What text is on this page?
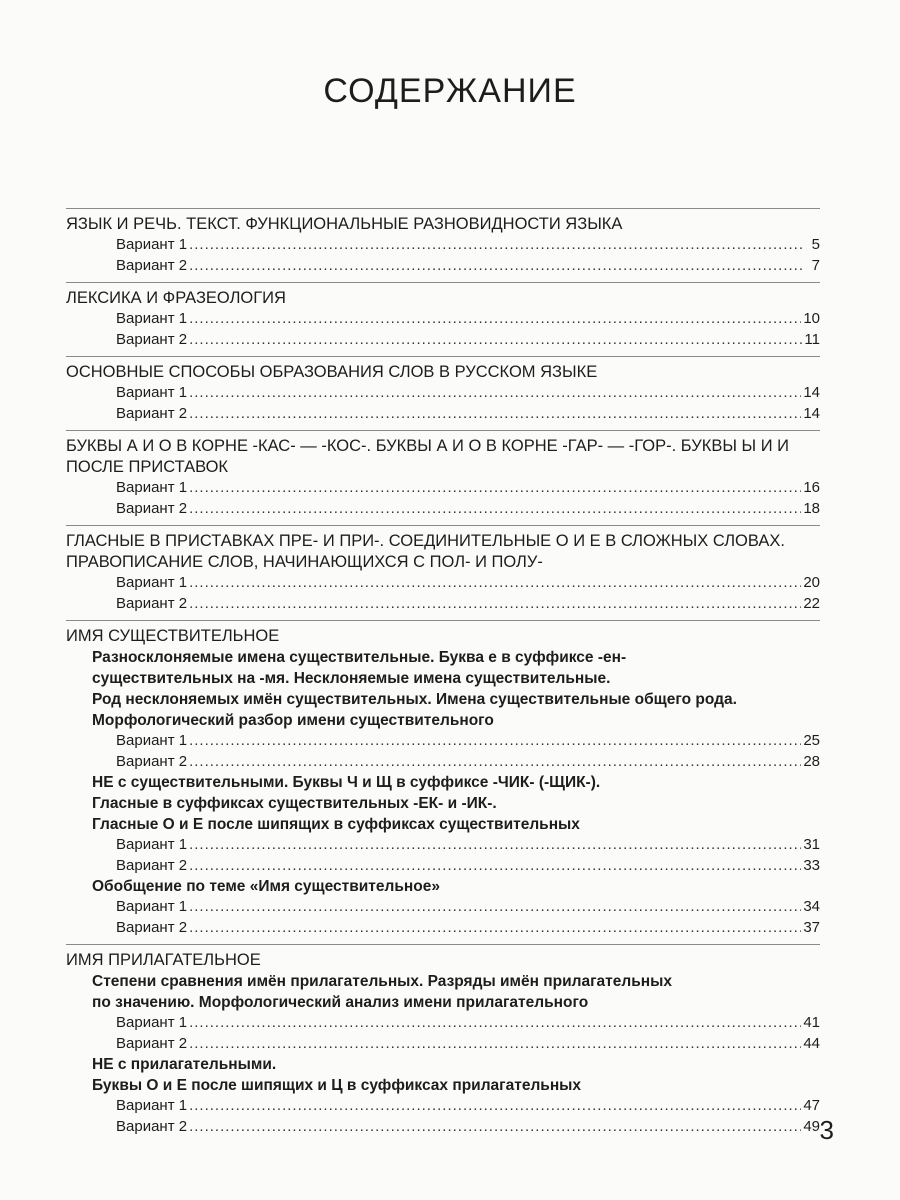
СОДЕРЖАНИЕ
ЯЗЫК И РЕЧЬ. ТЕКСТ. ФУНКЦИОНАЛЬНЫЕ РАЗНОВИДНОСТИ ЯЗЫКА
Вариант 1 .....	5
Вариант 2 .....	7
ЛЕКСИКА И ФРАЗЕОЛОГИЯ
Вариант 1 .....	10
Вариант 2 .....	11
ОСНОВНЫЕ СПОСОБЫ ОБРАЗОВАНИЯ СЛОВ В РУССКОМ ЯЗЫКЕ
Вариант 1 .....	14
Вариант 2 .....	14
БУКВЫ А И О В КОРНЕ -КАС- — -КОС-. БУКВЫ А И О В КОРНЕ -ГАР- — -ГОР-. БУКВЫ Ы И И ПОСЛЕ ПРИСТАВОК
Вариант 1 .....	16
Вариант 2 .....	18
ГЛАСНЫЕ В ПРИСТАВКАХ ПРЕ- И ПРИ-. СОЕДИНИТЕЛЬНЫЕ О И Е В СЛОЖНЫХ СЛОВАХ. ПРАВОПИСАНИЕ СЛОВ, НАЧИНАЮЩИХСЯ С ПОЛ- И ПОЛУ-
Вариант 1 .....	20
Вариант 2 .....	22
ИМЯ СУЩЕСТВИТЕЛЬНОЕ
Разносклоняемые имена существительные. Буква е в суффиксе -ен-
существительных на -мя. Несклоняемые имена существительные.
Род несклоняемых имён существительных. Имена существительные общего рода.
Морфологический разбор имени существительного
Вариант 1 .....	25
Вариант 2 .....	28
НЕ с существительными. Буквы Ч и Щ в суффиксе -ЧИК- (-ЩИК-).
Гласные в суффиксах существительных -ЕК- и -ИК-.
Гласные О и Е после шипящих в суффиксах существительных
Вариант 1 .....	31
Вариант 2 .....	33
Обобщение по теме «Имя существительное»
Вариант 1 .....	34
Вариант 2 .....	37
ИМЯ ПРИЛАГАТЕЛЬНОЕ
Степени сравнения имён прилагательных. Разряды имён прилагательных
по значению. Морфологический анализ имени прилагательного
Вариант 1 .....	41
Вариант 2 .....	44
НЕ с прилагательными.
Буквы О и Е после шипящих и Ц в суффиксах прилагательных
Вариант 1 .....	47
Вариант 2 .....	49 3
